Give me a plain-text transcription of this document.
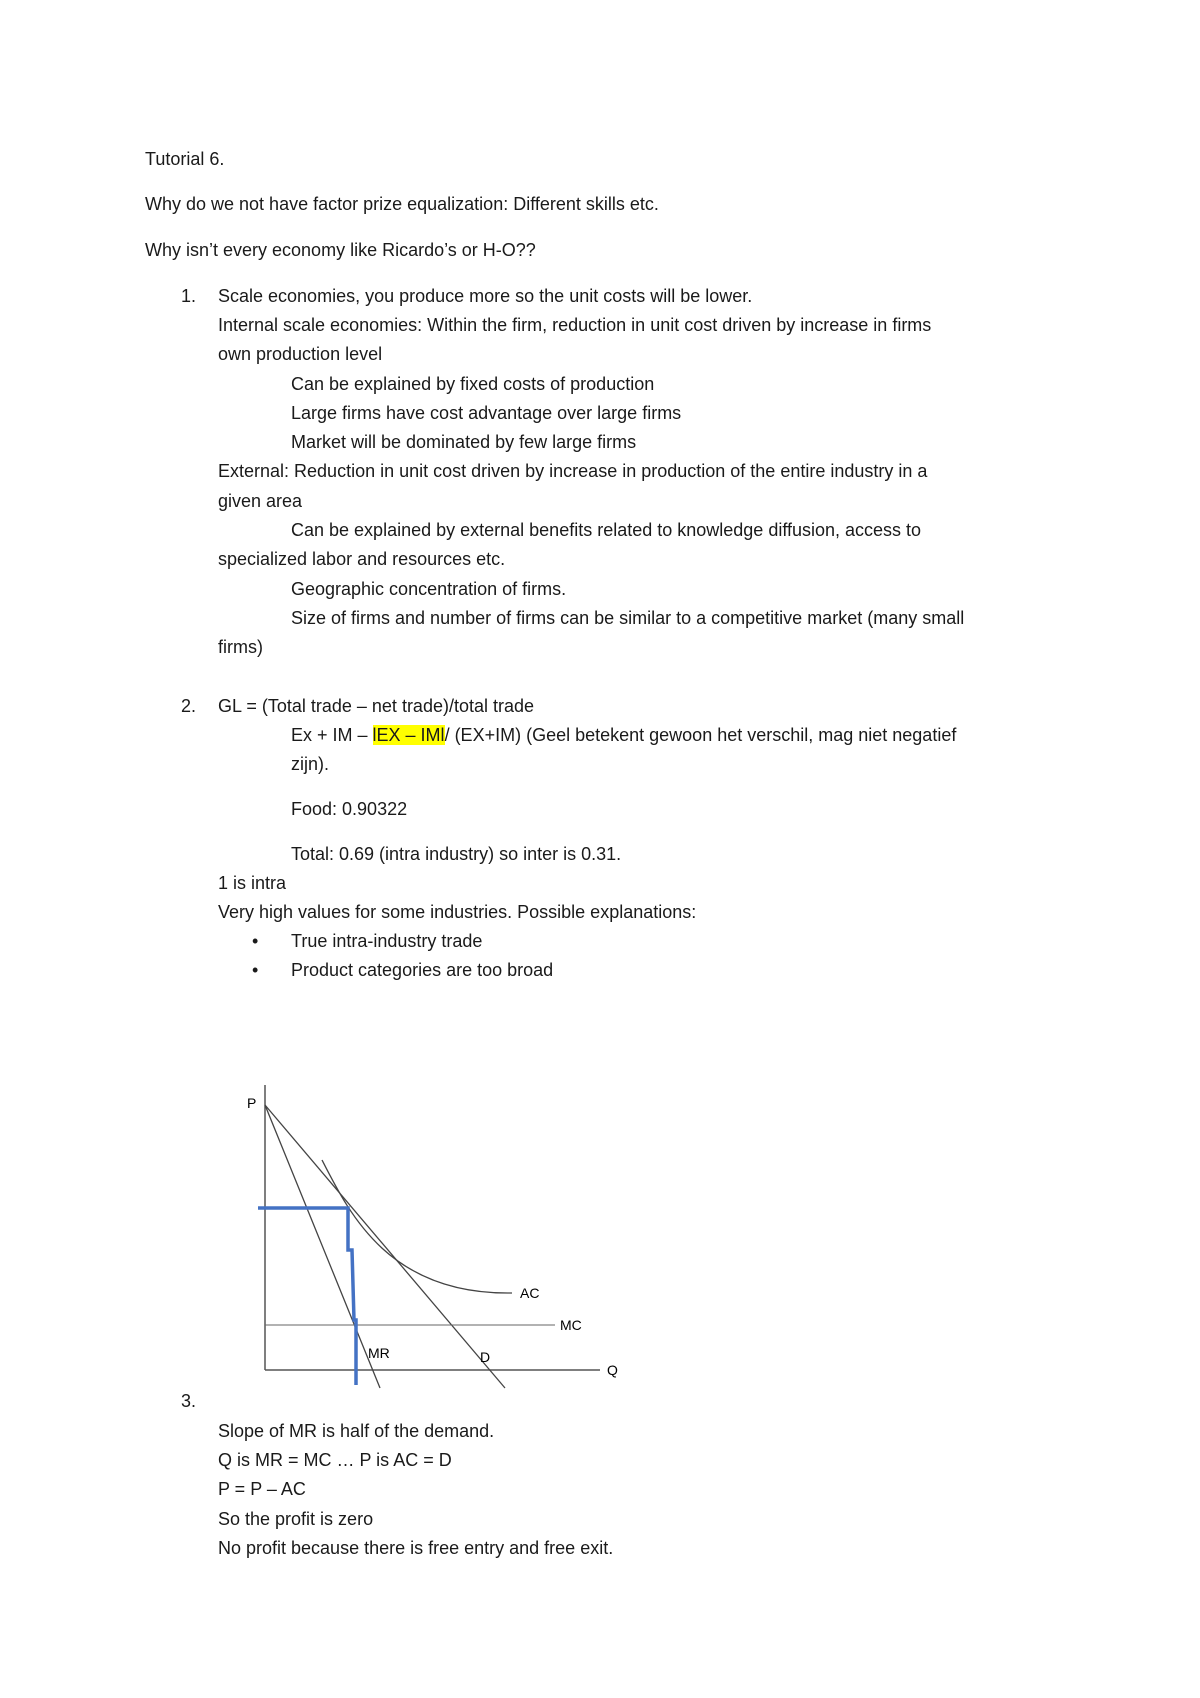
Tutorial 6.
Why do we not have factor prize equalization: Different skills etc.
Why isn’t every economy like Ricardo’s or H-O??
1. Scale economies, you produce more so the unit costs will be lower.
Internal scale economies: Within the firm, reduction in unit cost driven by increase in firms
own production level
Can be explained by fixed costs of production
Large firms have cost advantage over large firms
Market will be dominated by few large firms
External: Reduction in unit cost driven by increase in production of the entire industry in a
given area
Can be explained by external benefits related to knowledge diffusion, access to
specialized labor and resources etc.
Geographic concentration of firms.
Size of firms and number of firms can be similar to a competitive market (many small
firms)
2. GL = (Total trade – net trade)/total trade
Ex + IM – lEX – IMl/ (EX+IM) (Geel betekent gewoon het verschil, mag niet negatief
zijn).
Food: 0.90322
Total: 0.69 (intra industry) so inter is 0.31.
1 is intra
Very high values for some industries. Possible explanations:
• True intra-industry trade
• Product categories are too broad
P
Q
AC
MC
MR	D
3.
Slope of MR is half of the demand.
Q is MR = MC … P is AC = D
P = P – AC
So the profit is zero
No profit because there is free entry and free exit.
